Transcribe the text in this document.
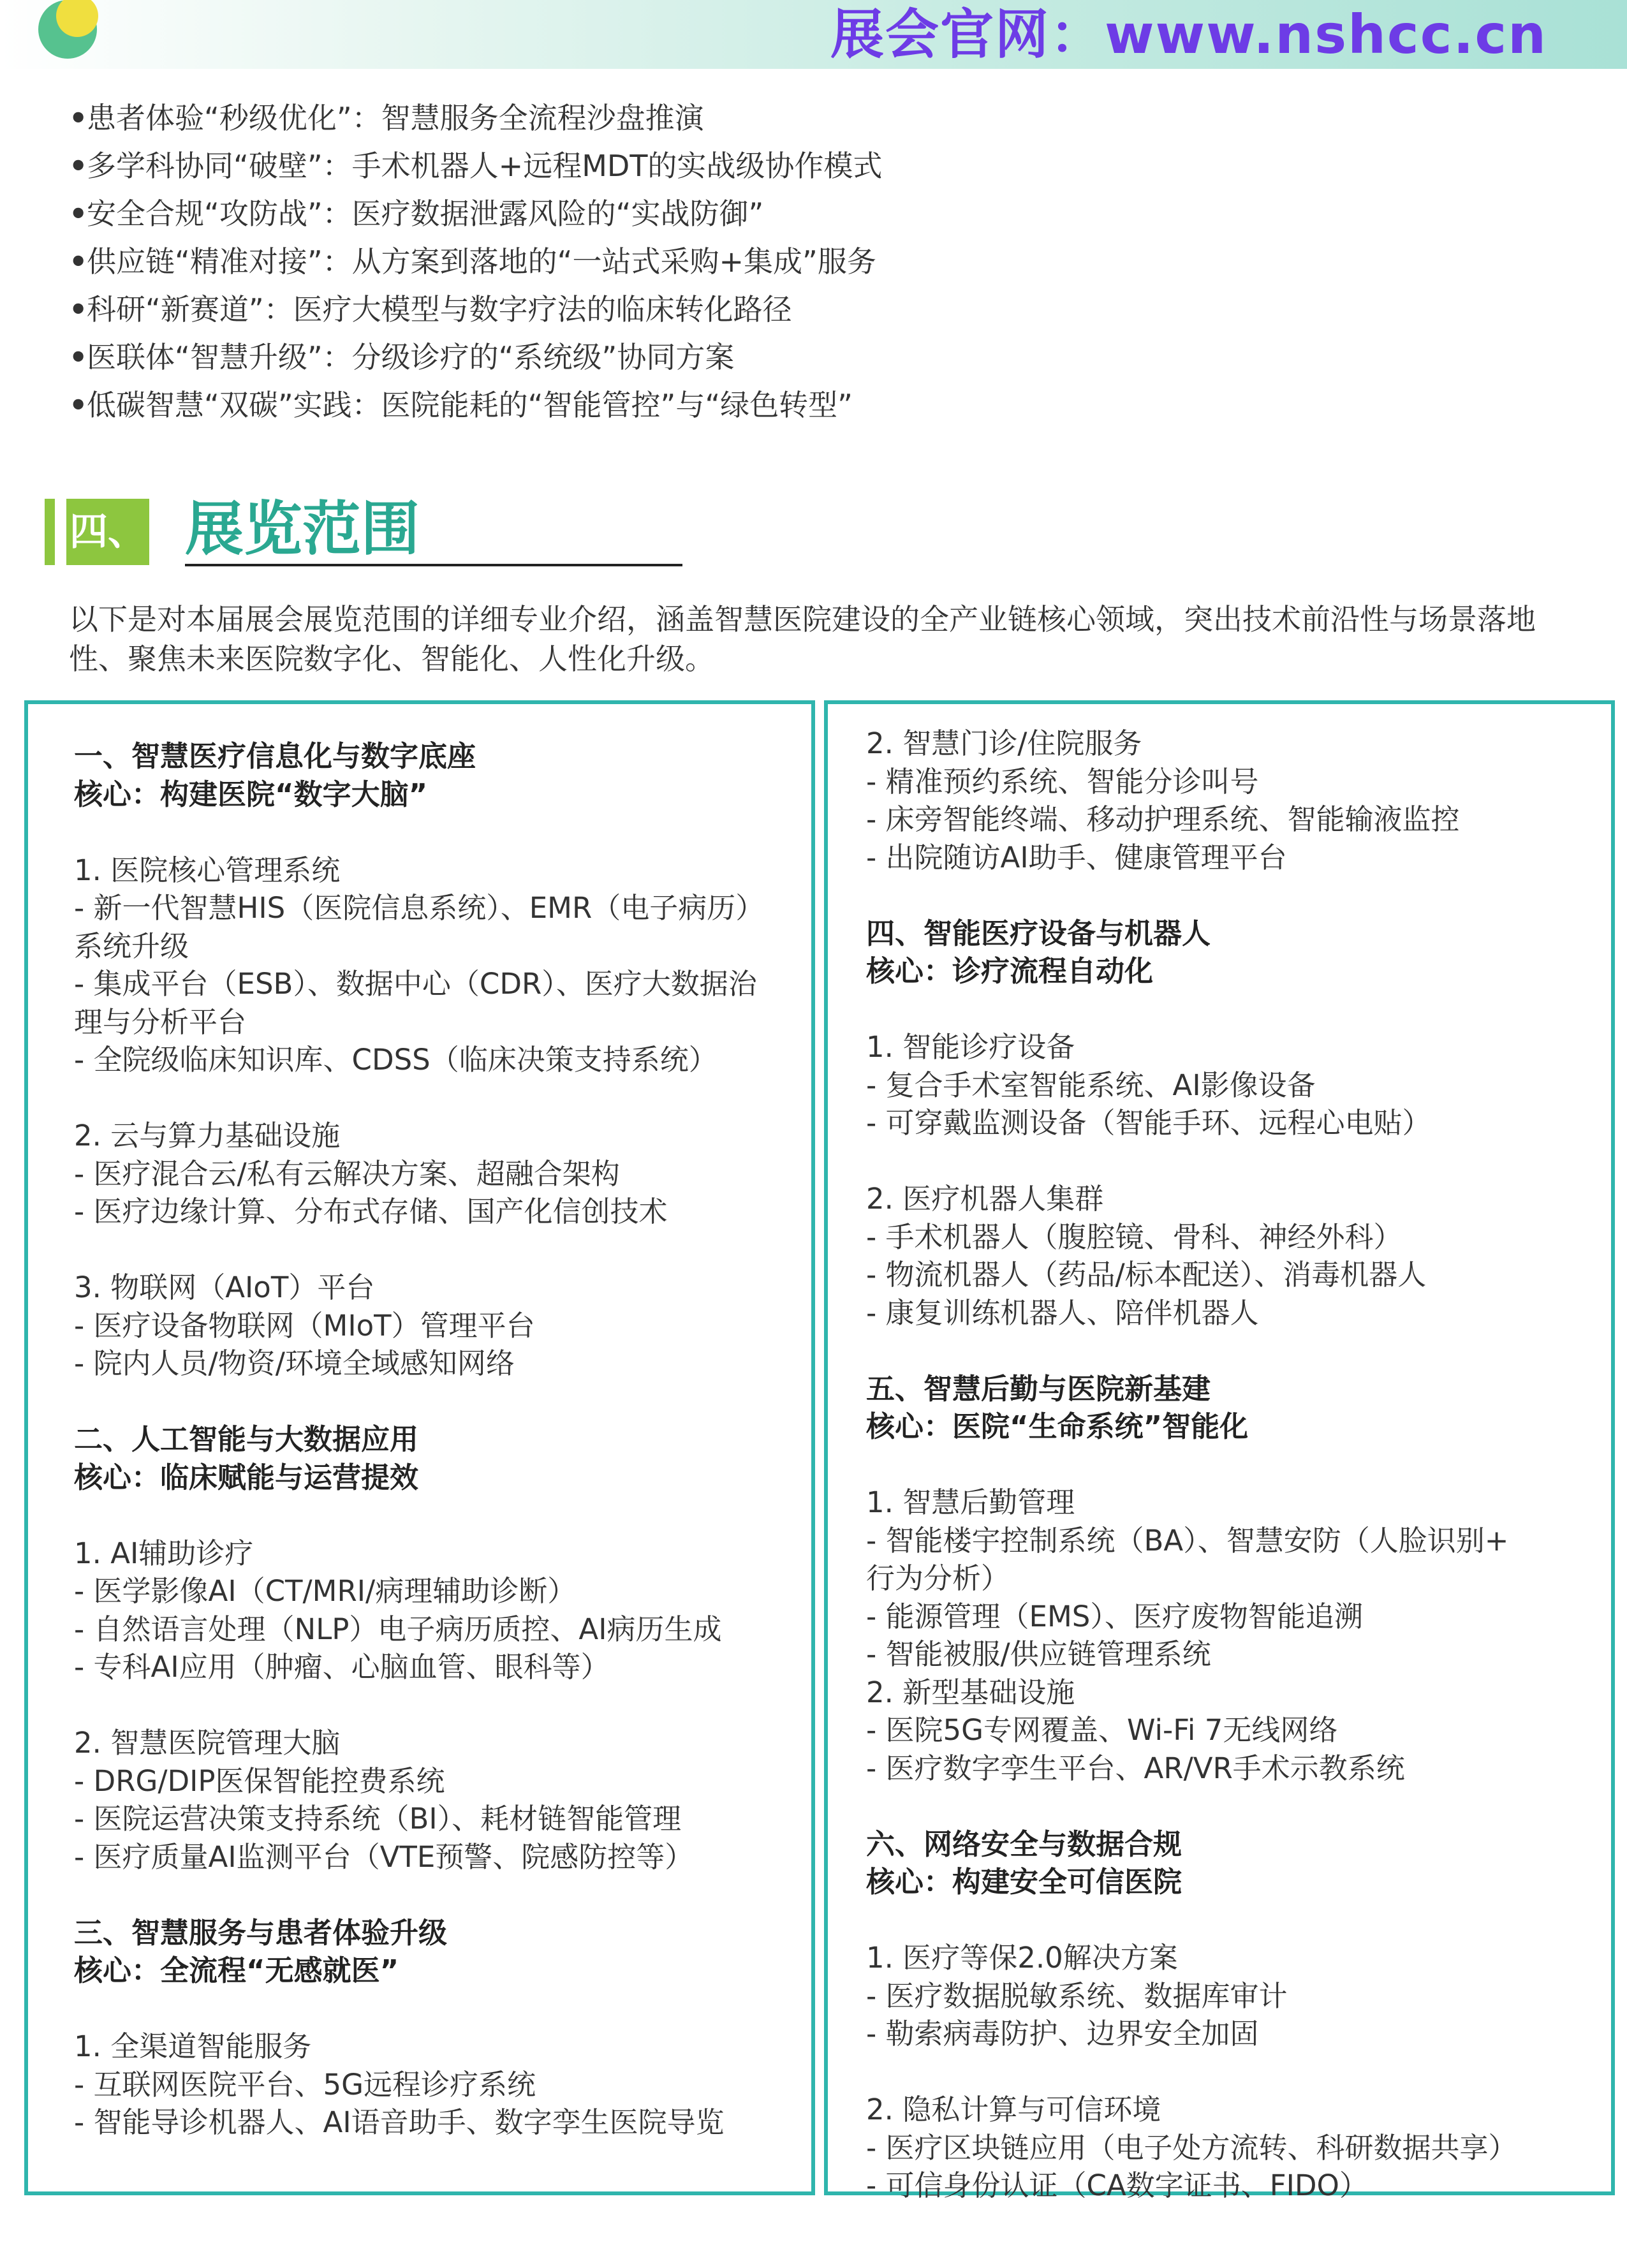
展会官网：www.nshcc.cn
•患者体验“秒级优化”：智慧服务全流程沙盘推演
•多学科协同“破壁”：手术机器人+远程MDT的实战级协作模式
•安全合规“攻防战”：医疗数据泄露风险的“实战防御”
•供应链“精准对接”：从方案到落地的“一站式采购+集成”服务
•科研“新赛道”：医疗大模型与数字疗法的临床转化路径
•医联体“智慧升级”：分级诊疗的“系统级”协同方案
•低碳智慧“双碳”实践：医院能耗的“智能管控”与“绿色转型”
四、 展览范围
以下是对本届展会展览范围的详细专业介绍，涵盖智慧医院建设的全产业链核心领域，突出技术前沿性与场景落地性、聚焦未来医院数字化、智能化、人性化升级。
一、智慧医疗信息化与数字底座
核心：构建医院“数字大脑”
1. 医院核心管理系统
- 新一代智慧HIS（医院信息系统）、EMR（电子病历）
系统升级
- 集成平台（ESB）、数据中心（CDR）、医疗大数据治
理与分析平台
- 全院级临床知识库、CDSS（临床决策支持系统）
2. 云与算力基础设施
- 医疗混合云/私有云解决方案、超融合架构
- 医疗边缘计算、分布式存储、国产化信创技术
3. 物联网（AIoT）平台
- 医疗设备物联网（MIoT）管理平台
- 院内人员/物资/环境全域感知网络
二、人工智能与大数据应用
核心：临床赋能与运营提效
1. AI辅助诊疗
- 医学影像AI（CT/MRI/病理辅助诊断）
- 自然语言处理（NLP）电子病历质控、AI病历生成
- 专科AI应用（肿瘤、心脑血管、眼科等）
2. 智慧医院管理大脑
- DRG/DIP医保智能控费系统
- 医院运营决策支持系统（BI）、耗材链智能管理
- 医疗质量AI监测平台（VTE预警、院感防控等）
三、智慧服务与患者体验升级
核心：全流程“无感就医”
1. 全渠道智能服务
- 互联网医院平台、5G远程诊疗系统
- 智能导诊机器人、AI语音助手、数字孪生医院导览
2. 智慧门诊/住院服务
- 精准预约系统、智能分诊叫号
- 床旁智能终端、移动护理系统、智能输液监控
- 出院随访AI助手、健康管理平台
四、智能医疗设备与机器人
核心：诊疗流程自动化
1. 智能诊疗设备
- 复合手术室智能系统、AI影像设备
- 可穿戴监测设备（智能手环、远程心电贴）
2. 医疗机器人集群
- 手术机器人（腹腔镜、骨科、神经外科）
- 物流机器人（药品/标本配送）、消毒机器人
- 康复训练机器人、陪伴机器人
五、智慧后勤与医院新基建
核心：医院“生命系统”智能化
1. 智慧后勤管理
- 智能楼宇控制系统（BA）、智慧安防（人脸识别+
行为分析）
- 能源管理（EMS）、医疗废物智能追溯
- 智能被服/供应链管理系统
2. 新型基础设施
- 医院5G专网覆盖、Wi-Fi 7无线网络
- 医疗数字孪生平台、AR/VR手术示教系统
六、网络安全与数据合规
核心：构建安全可信医院
1. 医疗等保2.0解决方案
- 医疗数据脱敏系统、数据库审计
- 勒索病毒防护、边界安全加固
2. 隐私计算与可信环境
- 医疗区块链应用（电子处方流转、科研数据共享）
- 可信身份认证（CA数字证书、FIDO）
